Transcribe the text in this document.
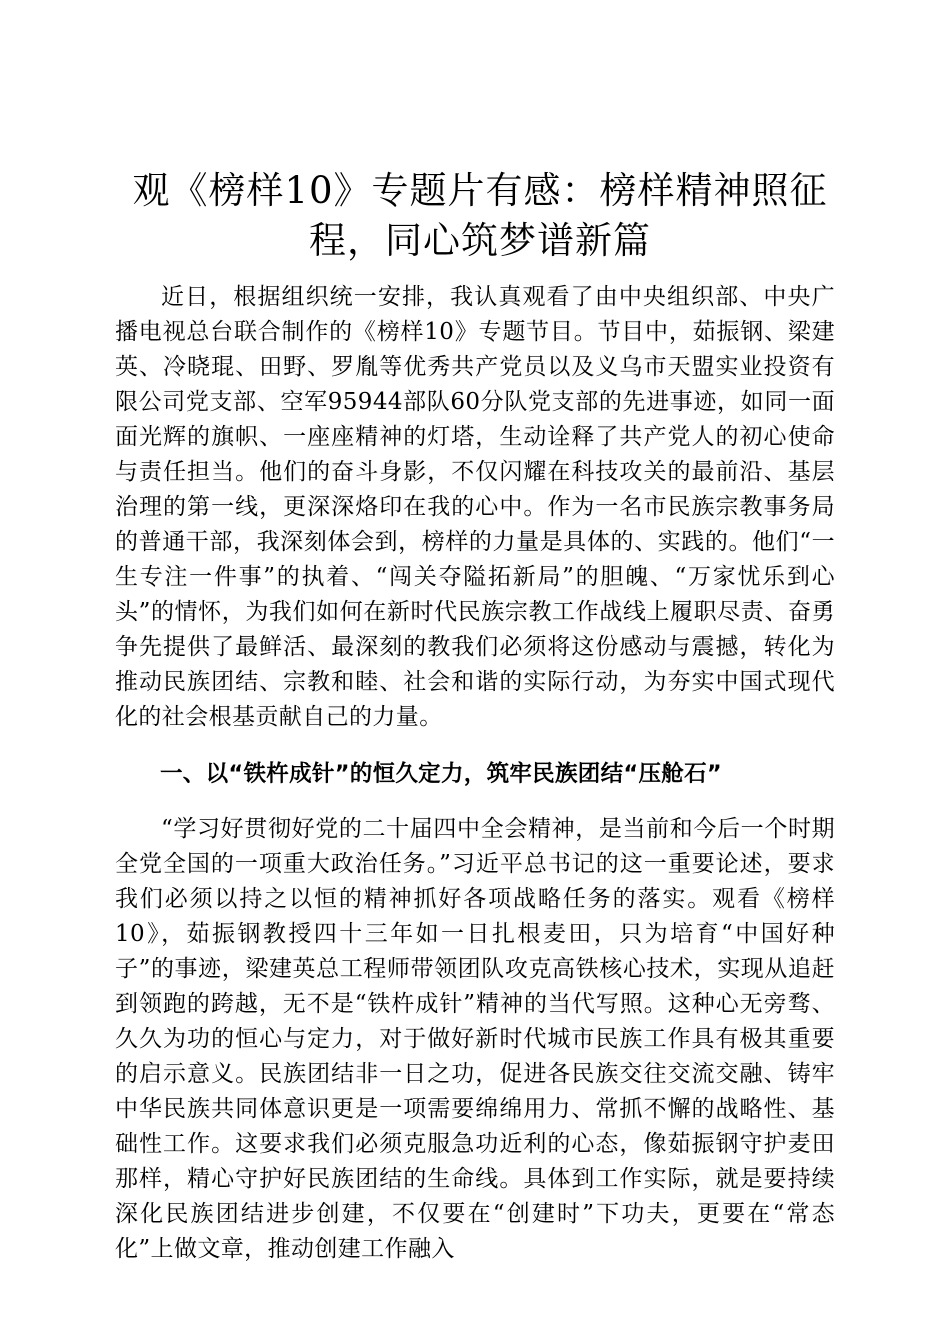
观《榜样10》专题片有感：榜样精神照征
程，同心筑梦谱新篇

近日，根据组织统一安排，我认真观看了由中央组织部、中央广播电视总台联合制作的《榜样10》专题节目。节目中，茹振钢、梁建英、冷晓琨、田野、罗胤等优秀共产党员以及义乌市天盟实业投资有限公司党支部、空军95944部队60分队党支部的先进事迹，如同一面面光辉的旗帜、一座座精神的灯塔，生动诠释了共产党人的初心使命与责任担当。他们的奋斗身影，不仅闪耀在科技攻关的最前沿、基层治理的第一线，更深深烙印在我的心中。作为一名市民族宗教事务局的普通干部，我深刻体会到，榜样的力量是具体的、实践的。他们“一生专注一件事”的执着、“闯关夺隘拓新局”的胆魄、“万家忧乐到心头”的情怀，为我们如何在新时代民族宗教工作战线上履职尽责、奋勇争先提供了最鲜活、最深刻的教我们必须将这份感动与震撼，转化为推动民族团结、宗教和睦、社会和谐的实际行动，为夯实中国式现代化的社会根基贡献自己的力量。

一、以“铁杵成针”的恒久定力，筑牢民族团结“压舱石”

“学习好贯彻好党的二十届四中全会精神，是当前和今后一个时期全党全国的一项重大政治任务。”习近平总书记的这一重要论述，要求我们必须以持之以恒的精神抓好各项战略任务的落实。观看《榜样10》，茹振钢教授四十三年如一日扎根麦田，只为培育“中国好种子”的事迹，梁建英总工程师带领团队攻克高铁核心技术，实现从追赶到领跑的跨越，无不是“铁杵成针”精神的当代写照。这种心无旁骛、久久为功的恒心与定力，对于做好新时代城市民族工作具有极其重要的启示意义。民族团结非一日之功，促进各民族交往交流交融、铸牢中华民族共同体意识更是一项需要绵绵用力、常抓不懈的战略性、基础性工作。这要求我们必须克服急功近利的心态，像茹振钢守护麦田那样，精心守护好民族团结的生命线。具体到工作实际，就是要持续深化民族团结进步创建，不仅要在“创建时”下功夫，更要在“常态化”上做文章，推动创建工作融入
